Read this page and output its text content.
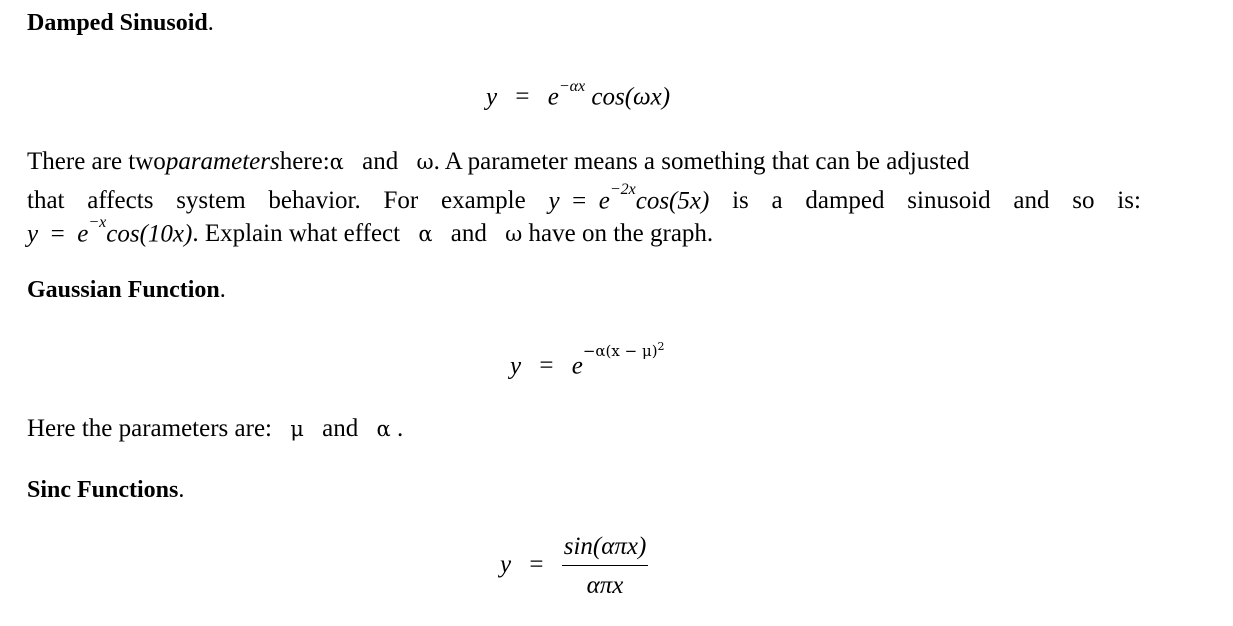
Damped Sinusoid.
$y = e^{-\alpha x}$ cos(ωx)
There are two parameters here: α
and
ω . A parameter means a something that can be adjusted
that affects system behavior. For example $y = e^{-2x}\cos(5x)$ is a damped sinusoid and so is:
$y = e^{-x}\cos(10x)$ . Explain what effect
α
and
ω
have on the graph.
Gaussian Function.
$y = e^{-\alpha(x - \mu)^2}$
Here the parameters are:
μ
and
α
.
Sinc Functions.
$y = \frac{\text{sin(απx)}}{\text{απx}}$
